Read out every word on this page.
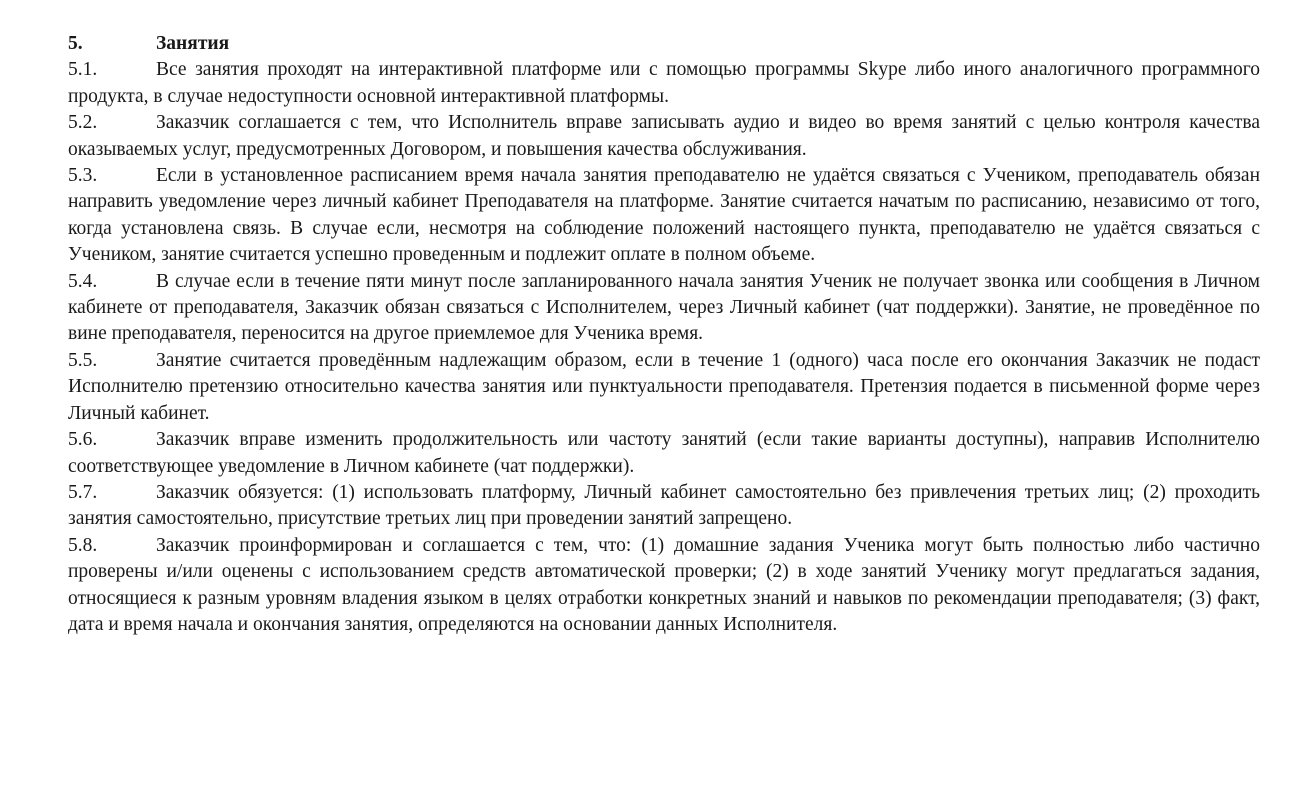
5.	Занятия

5.1.	Все занятия проходят на интерактивной платформе или с помощью программы Skype либо иного аналогичного программного продукта, в случае недоступности основной интерактивной платформы.

5.2.	Заказчик соглашается с тем, что Исполнитель вправе записывать аудио и видео во время занятий с целью контроля качества оказываемых услуг, предусмотренных Договором, и повышения качества обслуживания.

5.3.	Если в установленное расписанием время начала занятия преподавателю не удаётся связаться с Учеником, преподаватель обязан направить уведомление через личный кабинет Преподавателя на платформе. Занятие считается начатым по расписанию, независимо от того, когда установлена связь. В случае если, несмотря на соблюдение положений настоящего пункта, преподавателю не удаётся связаться с Учеником, занятие считается успешно проведенным и подлежит оплате в полном объеме.

5.4.	В случае если в течение пяти минут после запланированного начала занятия Ученик не получает звонка или сообщения в Личном кабинете от преподавателя, Заказчик обязан связаться с Исполнителем, через Личный кабинет (чат поддержки). Занятие, не проведённое по вине преподавателя, переносится на другое приемлемое для Ученика время.

5.5.	Занятие считается проведённым надлежащим образом, если в течение 1 (одного) часа после его окончания Заказчик не подаст Исполнителю претензию относительно качества занятия или пунктуальности преподавателя. Претензия подается в письменной форме через Личный кабинет.

5.6.	Заказчик вправе изменить продолжительность или частоту занятий (если такие варианты доступны), направив Исполнителю соответствующее уведомление в Личном кабинете (чат поддержки).

5.7.	Заказчик обязуется: (1) использовать платформу, Личный кабинет самостоятельно без привлечения третьих лиц; (2) проходить занятия самостоятельно, присутствие третьих лиц при проведении занятий запрещено.

5.8.	Заказчик проинформирован и соглашается с тем, что: (1) домашние задания Ученика могут быть полностью либо частично проверены и/или оценены с использованием средств автоматической проверки; (2) в ходе занятий Ученику могут предлагаться задания, относящиеся к разным уровням владения языком в целях отработки конкретных знаний и навыков по рекомендации преподавателя; (3) факт, дата и время начала и окончания занятия, определяются на основании данных Исполнителя.
